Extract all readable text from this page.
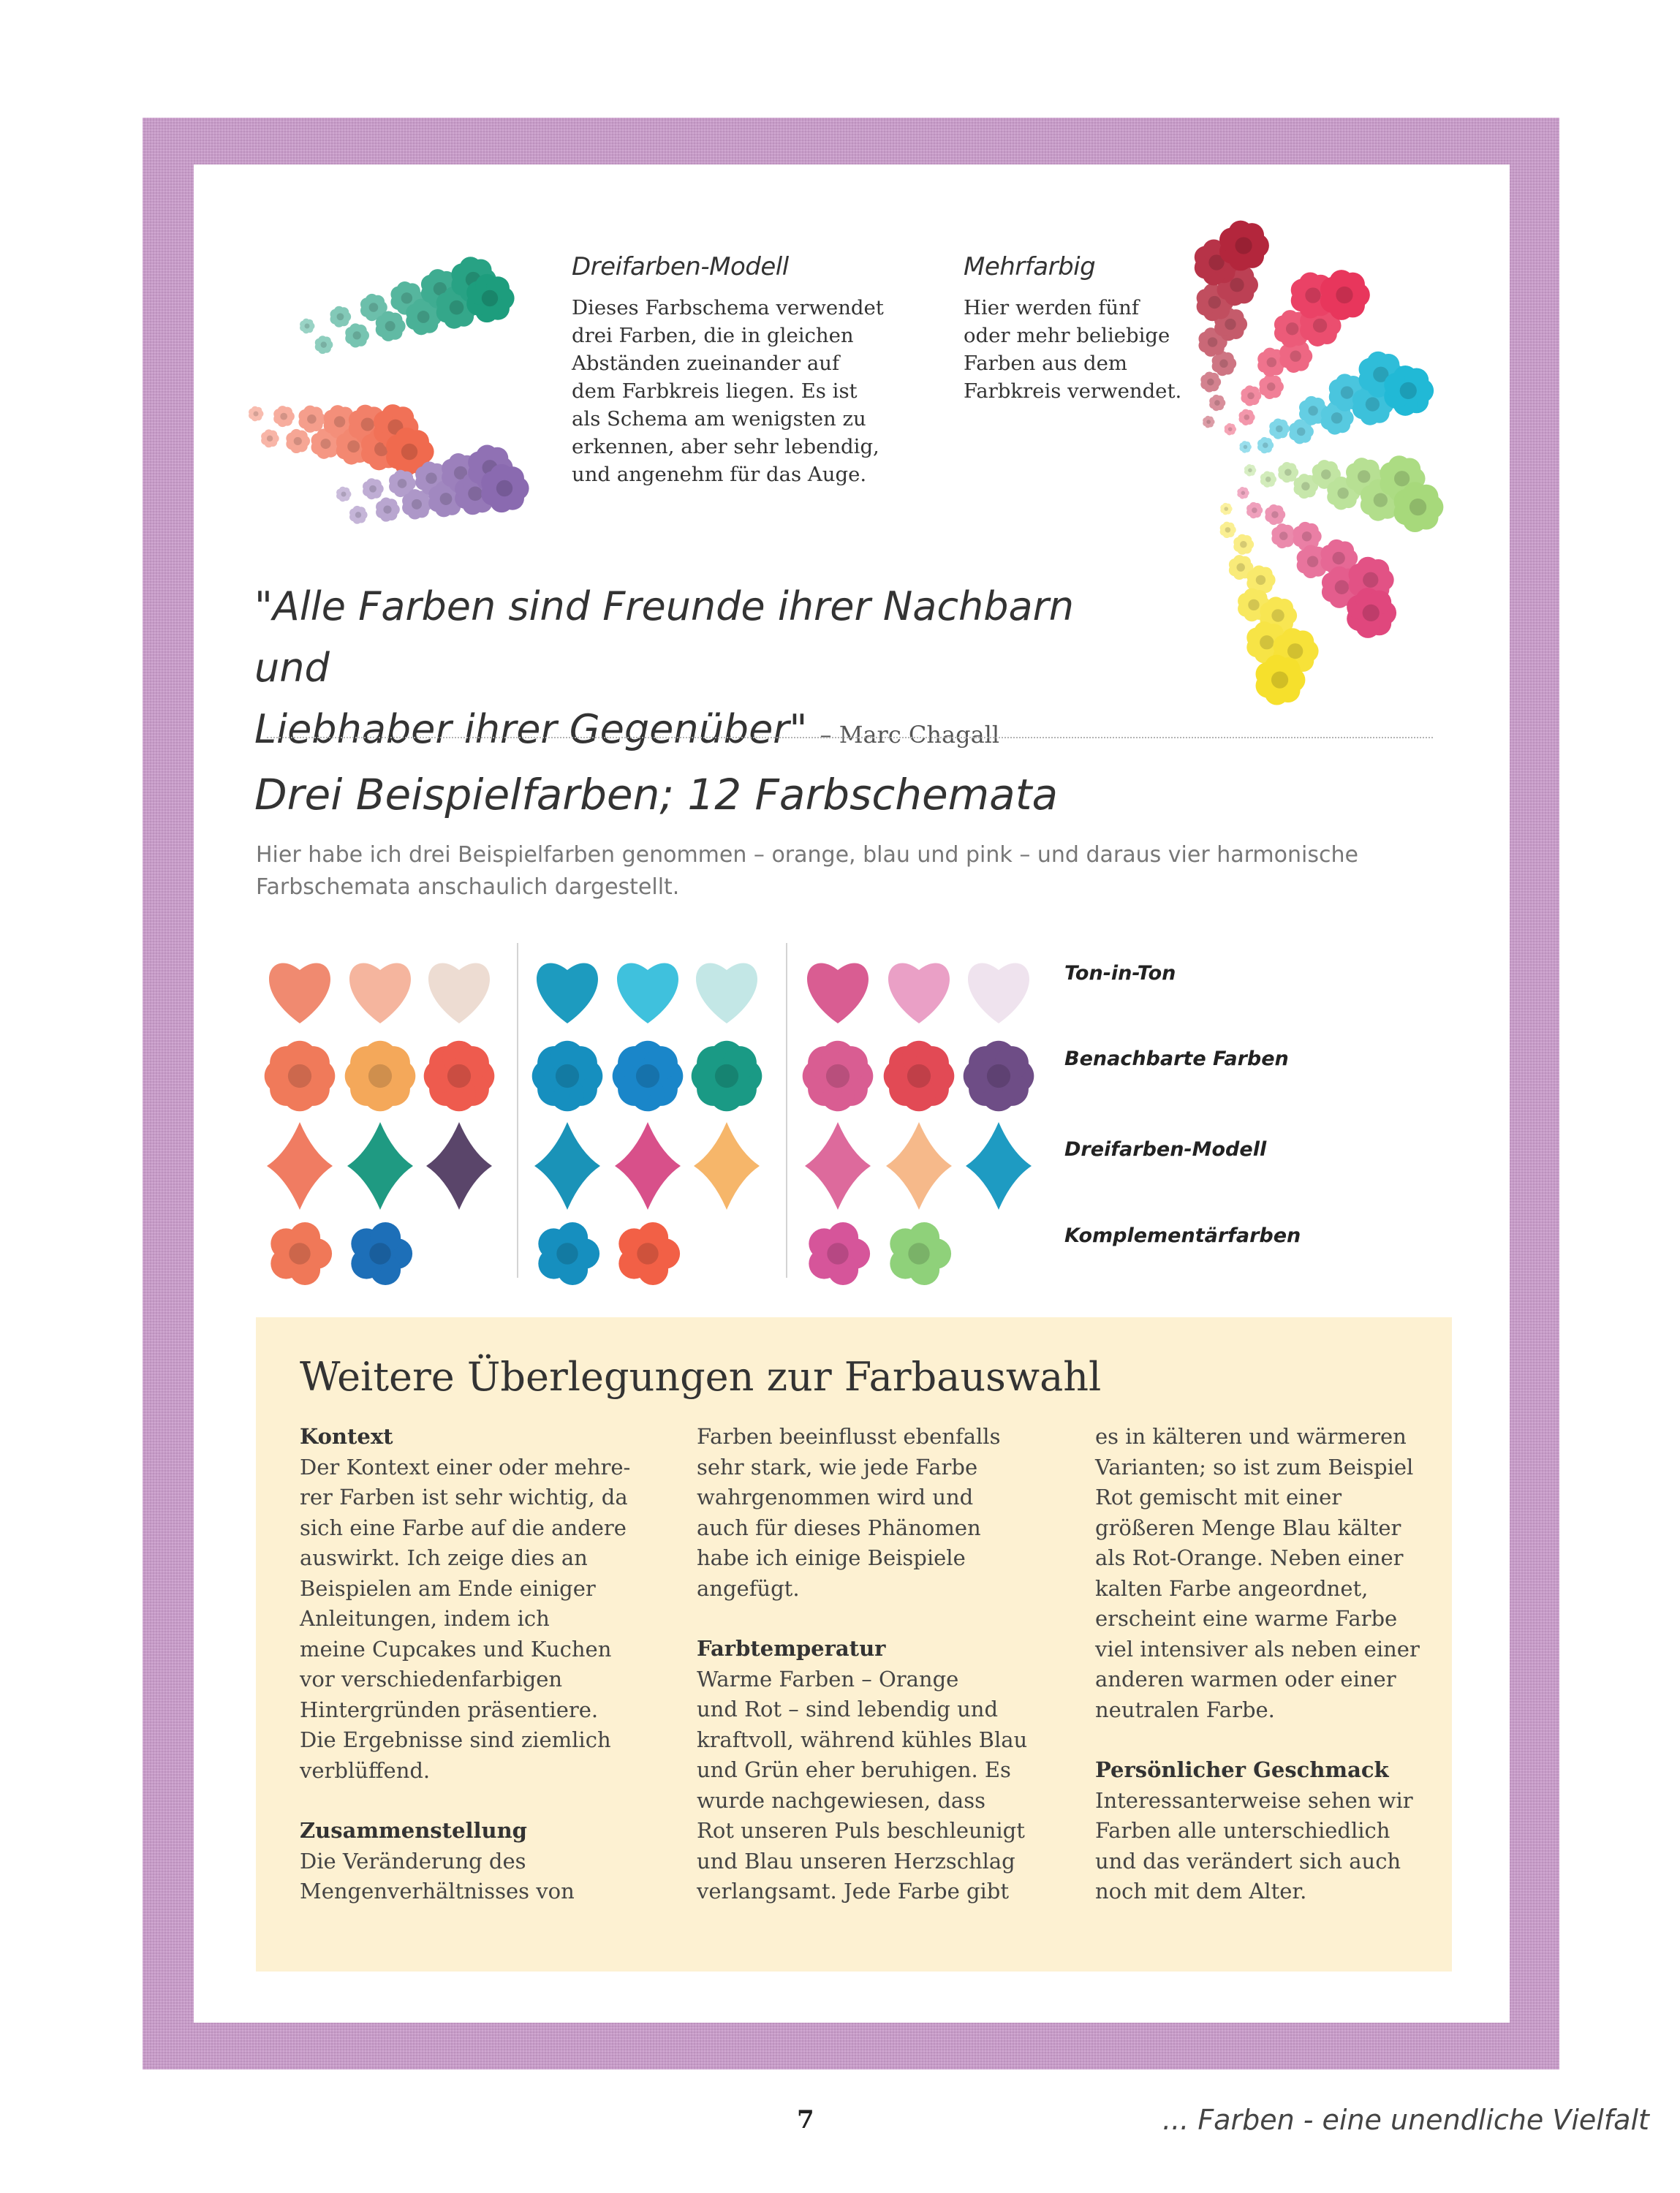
Dreifarben-Modell
Dieses Farbschema verwendet
drei Farben, die in gleichen
Abständen zueinander auf
dem Farbkreis liegen. Es ist
als Schema am wenigsten zu
erkennen, aber sehr lebendig,
und angenehm für das Auge.
Mehrfarbig
Hier werden fünf
oder mehr beliebige
Farben aus dem
Farbkreis verwendet.
"Alle Farben sind Freunde ihrer Nachbarn und
Liebhaber ihrer Gegenüber" – Marc Chagall
Drei Beispielfarben; 12 Farbschemata
Hier habe ich drei Beispielfarben genommen – orange, blau und pink – und daraus vier harmonische Farbschemata anschaulich dargestellt.
Ton-in-Ton
Benachbarte Farben
Dreifarben-Modell
Komplementärfarben
Weitere Überlegungen zur Farbauswahl
Kontext

Der Kontext einer oder mehre-
rer Farben ist sehr wichtig, da
sich eine Farbe auf die andere
auswirkt. Ich zeige dies an
Beispielen am Ende einiger
Anleitungen, indem ich
meine Cupcakes und Kuchen
vor verschiedenfarbigen
Hintergründen präsentiere.
Die Ergebnisse sind ziemlich
verblüffend.

Zusammenstellung

Die Veränderung des
Mengenverhältnisses von

Farben beeinflusst ebenfalls
sehr stark, wie jede Farbe
wahrgenommen wird und
auch für dieses Phänomen
habe ich einige Beispiele
angefügt.

Farbtemperatur

Warme Farben – Orange
und Rot – sind lebendig und
kraftvoll, während kühles Blau
und Grün eher beruhigen. Es
wurde nachgewiesen, dass
Rot unseren Puls beschleunigt
und Blau unseren Herzschlag
verlangsamt. Jede Farbe gibt

es in kälteren und wärmeren
Varianten; so ist zum Beispiel
Rot gemischt mit einer
größeren Menge Blau kälter
als Rot-Orange. Neben einer
kalten Farbe angeordnet,
erscheint eine warme Farbe
viel intensiver als neben einer
anderen warmen oder einer
neutralen Farbe.

Persönlicher Geschmack

Interessanterweise sehen wir
Farben alle unterschiedlich
und das verändert sich auch
noch mit dem Alter.

7	... Farben - eine unendliche Vielfalt
